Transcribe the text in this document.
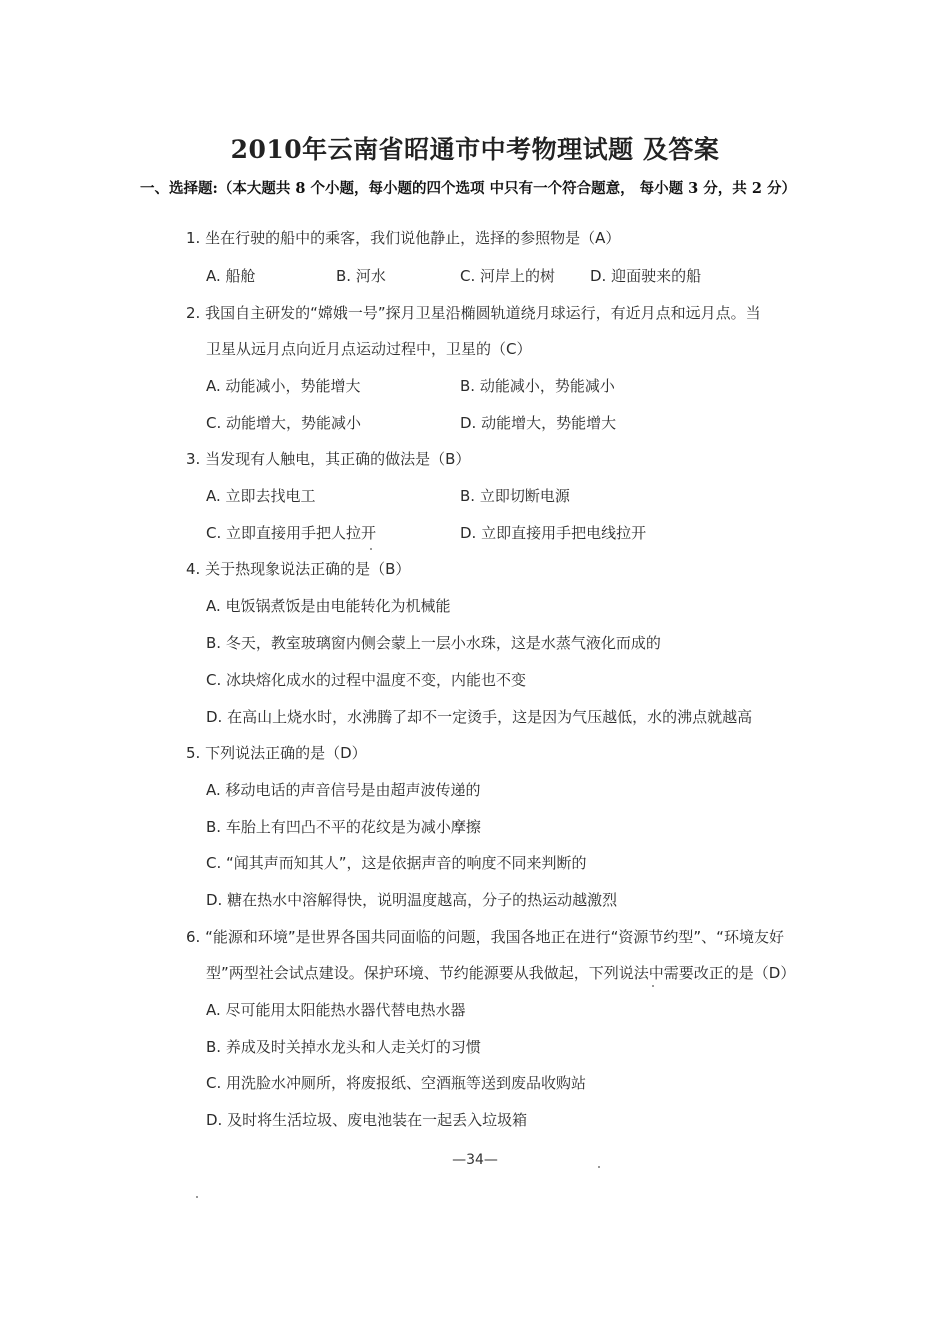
2010年云南省昭通市中考物理试题 及答案
一、选择题:（本大题共 8 个小题，每小题的四个选项 中只有一个符合题意， 每小题 3 分，共 2 分）
1. 坐在行驶的船中的乘客，我们说他静止，选择的参照物是（A）
A. 船舱	B. 河水	C. 河岸上的树 D. 迎面驶来的船
2. 我国自主研发的“嫦娥一号”探月卫星沿椭圆轨道绕月球运行，有近月点和远月点。当
卫星从远月点向近月点运动过程中，卫星的（C）
A. 动能减小，势能增大	B. 动能减小，势能减小
C. 动能增大，势能减小	D. 动能增大，势能增大
3. 当发现有人触电，其正确的做法是（B）
A. 立即去找电工	B. 立即切断电源
C. 立即直接用手把人拉开	D. 立即直接用手把电线拉开
4. 关于热现象说法正确的是（B）
A. 电饭锅煮饭是由电能转化为机械能
B. 冬天，教室玻璃窗内侧会蒙上一层小水珠，这是水蒸气液化而成的
C. 冰块熔化成水的过程中温度不变，内能也不变
D. 在高山上烧水时，水沸腾了却不一定烫手，这是因为气压越低，水的沸点就越高
5. 下列说法正确的是（D）
A. 移动电话的声音信号是由超声波传递的
B. 车胎上有凹凸不平的花纹是为减小摩擦
C. “闻其声而知其人”，这是依据声音的响度不同来判断的
D. 糖在热水中溶解得快，说明温度越高，分子的热运动越激烈
6. “能源和环境”是世界各国共同面临的问题，我国各地正在进行“资源节约型”、“环境友好
型”两型社会试点建设。保护环境、节约能源要从我做起，下列说法中需要改正的是（D）
A. 尽可能用太阳能热水器代替电热水器
B. 养成及时关掉水龙头和人走关灯的习惯
C. 用洗脸水冲厕所，将废报纸、空酒瓶等送到废品收购站
D. 及时将生活垃圾、废电池装在一起丢入垃圾箱
—34—
